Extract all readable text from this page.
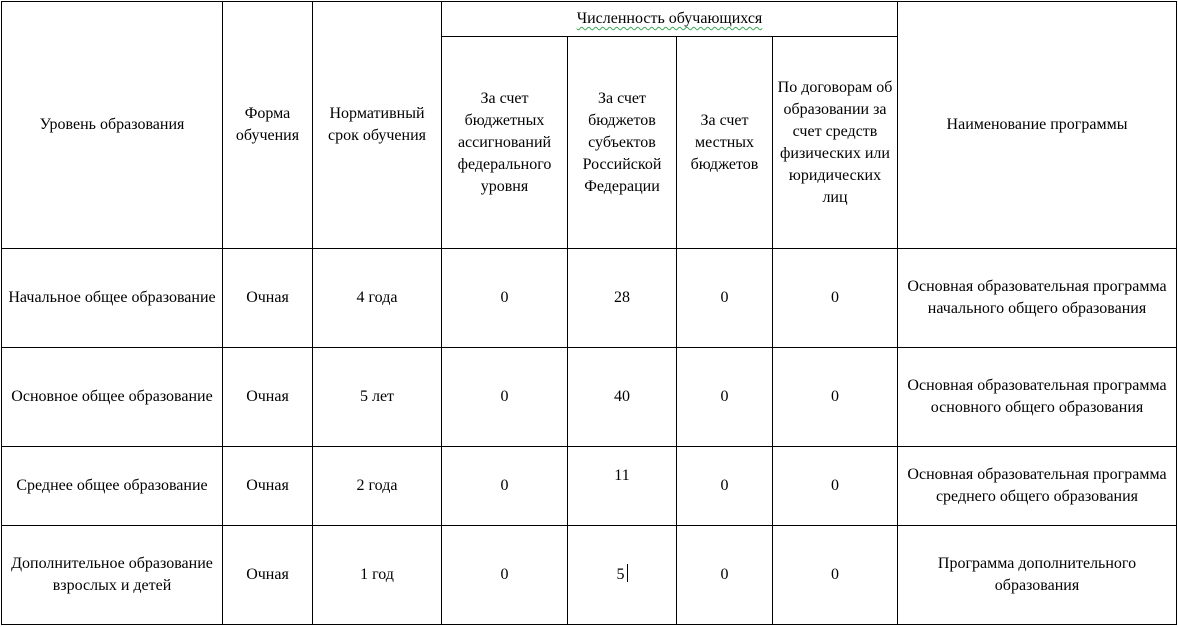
Уровень образования	Форма обучения	Нормативный срок обучения	Численность обучающихся				Наименование программы
			За счет бюджетных ассигнований федерального уровня	За счет бюджетов субъектов Российской Федерации	За счет местных бюджетов	По договорам об образовании за счет средств физических или юридических лиц	
Начальное общее образование	Очная	4 года	0	28	0	0	Основная образовательная программа начального общего образования
Основное общее образование	Очная	5 лет	0	40	0	0	Основная образовательная программа основного общего образования
Среднее общее образование	Очная	2 года	0	11	0	0	Основная образовательная программа среднего общего образования
Дополнительное образование взрослых и детей	Очная	1 год	0	5	0	0	Программа дополнительного образования
